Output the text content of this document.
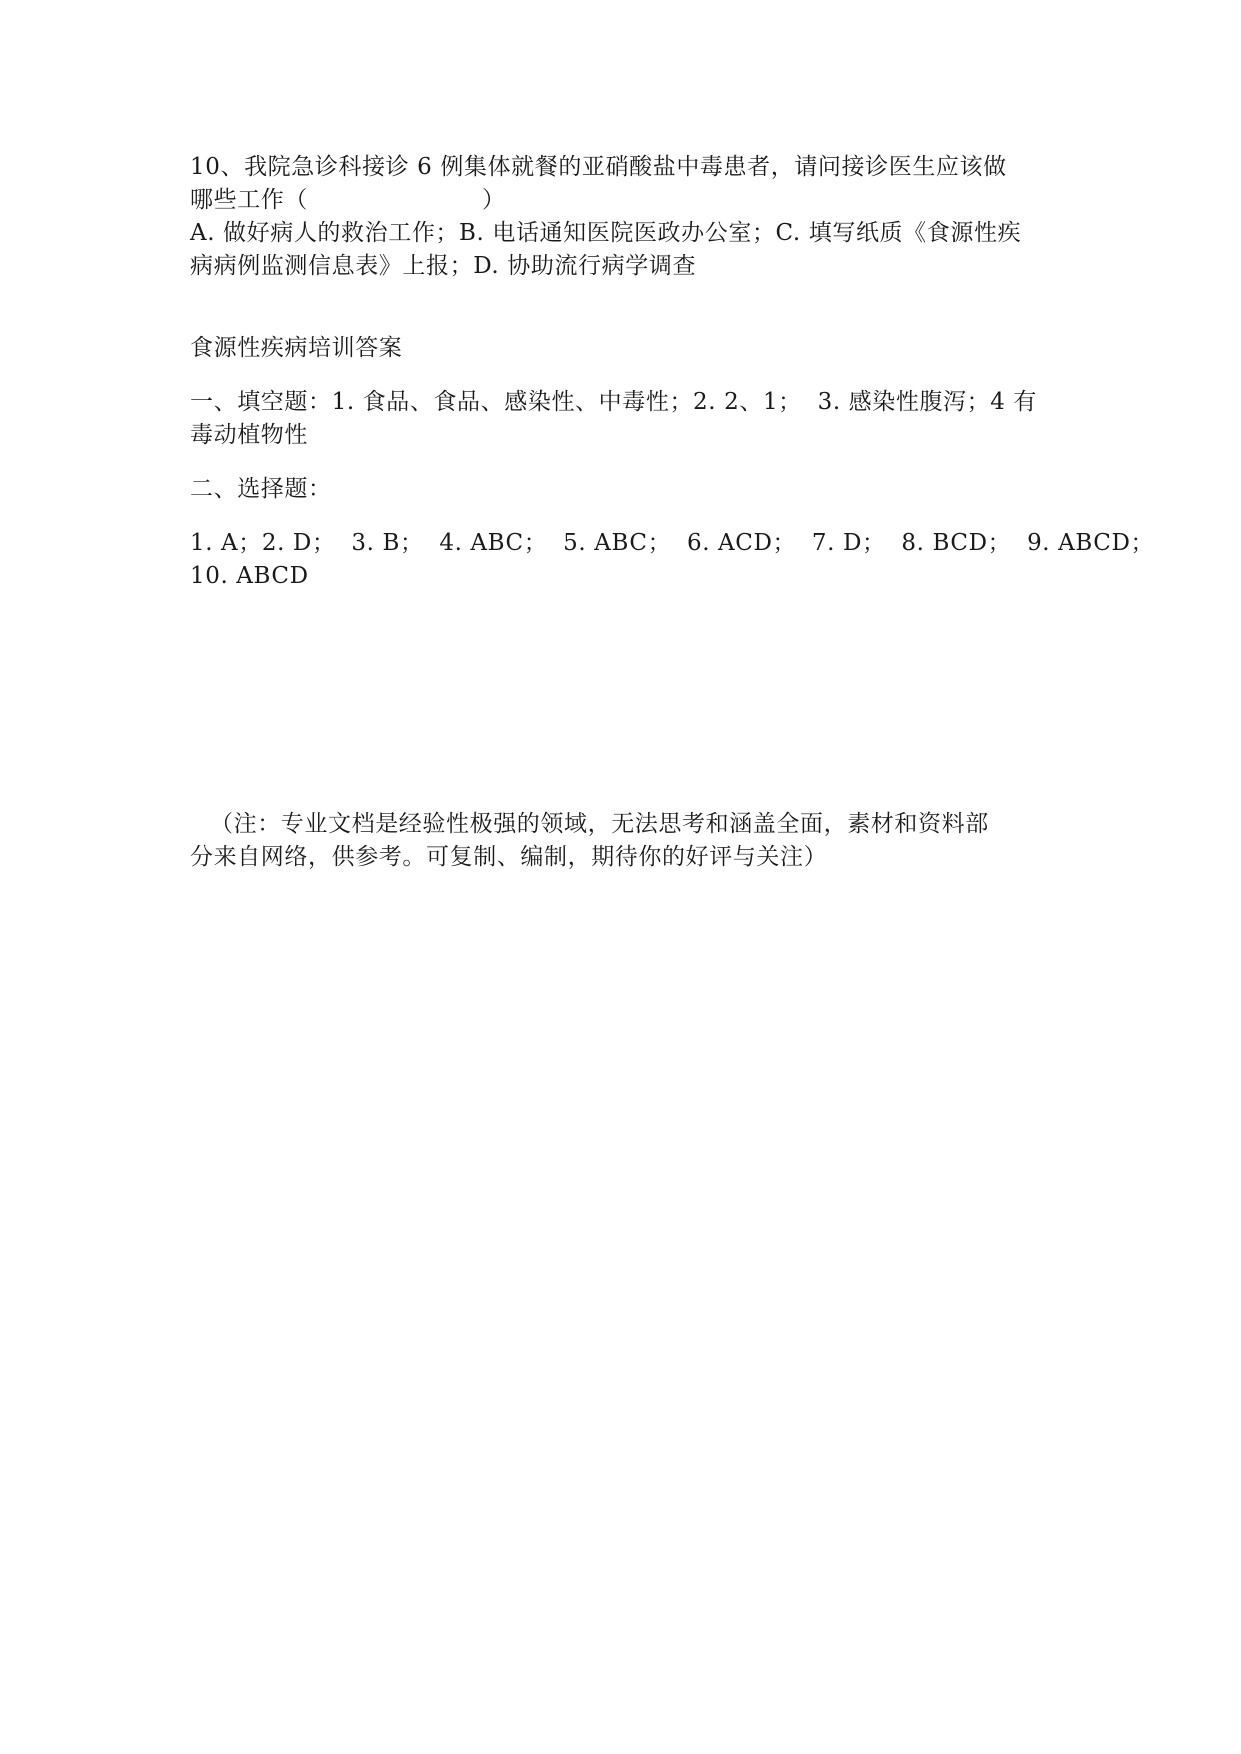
10、我院急诊科接诊 6 例集体就餐的亚硝酸盐中毒患者，请问接诊医生应该做
哪些工作（                      ）
A. 做好病人的救治工作；B. 电话通知医院医政办公室；C. 填写纸质《食源性疾
病病例监测信息表》上报；D. 协助流行病学调查
食源性疾病培训答案
一、填空题：1. 食品、食品、感染性、中毒性；2. 2、1；  3. 感染性腹泻；4 有
毒动植物性
二、选择题：
1. A；2. D；  3. B；  4. ABC；  5. ABC；  6. ACD；  7. D；  8. BCD；  9. ABCD；
10. ABCD
（注：专业文档是经验性极强的领域，无法思考和涵盖全面，素材和资料部
分来自网络，供参考。可复制、编制，期待你的好评与关注）
